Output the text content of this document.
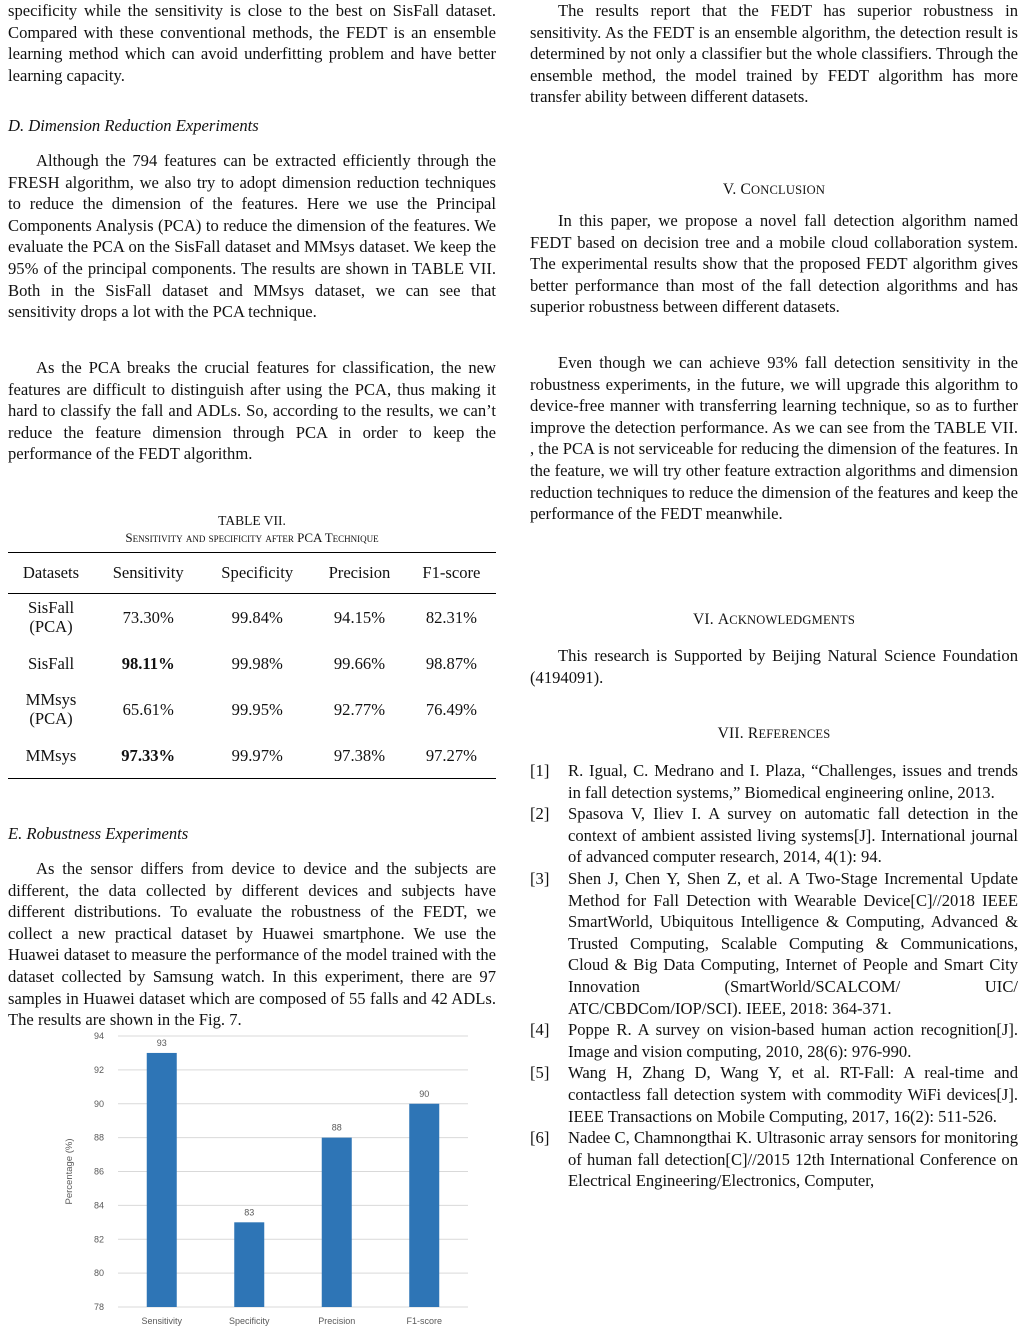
specificity while the sensitivity is close to the best on SisFall dataset. Compared with these conventional methods, the FEDT is an ensemble learning method which can avoid underfitting problem and have better learning capacity.

D. Dimension Reduction Experiments

Although the 794 features can be extracted efficiently through the FRESH algorithm, we also try to adopt dimension reduction techniques to reduce the dimension of the features. Here we use the Principal Components Analysis (PCA) to reduce the dimension of the features. We evaluate the PCA on the SisFall dataset and MMsys dataset. We keep the 95% of the principal components. The results are shown in TABLE VII. Both in the SisFall dataset and MMsys dataset, we can see that sensitivity drops a lot with the PCA technique.

As the PCA breaks the crucial features for classification, the new features are difficult to distinguish after using the PCA, thus making it hard to classify the fall and ADLs. So, according to the results, we can’t reduce the feature dimension through PCA in order to keep the performance of the FEDT algorithm.

TABLE VII.

Sensitivity and specificity after PCA Technique

Datasets	Sensitivity	Specificity	Precision	F1-score
SisFall (PCA)	73.30%	99.84%	94.15%	82.31%
SisFall	98.11%	99.98%	99.66%	98.87%
MMsys (PCA)	65.61%	99.95%	92.77%	76.49%
MMsys	97.33%	99.97%	97.38%	97.27%

E. Robustness Experiments

As the sensor differs from device to device and the subjects are different, the data collected by different devices and subjects have different distributions. To evaluate the robustness of the FEDT, we collect a new practical dataset by Huawei smartphone. We use the Huawei dataset to measure the performance of the model trained with the dataset collected by Samsung watch. In this experiment, there are 97 samples in Huawei dataset which are composed of 55 falls and 42 ADLs. The results are shown in the Fig. 7.

78
80
82
84
86
88
90
92
94
Percentage (%)
93
Sensitivity
83
Specificity
88
Precision
90
F1-score

The results report that the FEDT has superior robustness in sensitivity. As the FEDT is an ensemble algorithm, the detection result is determined by not only a classifier but the whole classifiers. Through the ensemble method, the model trained by FEDT algorithm has more transfer ability between different datasets.

V. CONCLUSION

In this paper, we propose a novel fall detection algorithm named FEDT based on decision tree and a mobile cloud collaboration system. The experimental results show that the proposed FEDT algorithm gives better performance than most of the fall detection algorithms and has superior robustness between different datasets.

Even though we can achieve 93% fall detection sensitivity in the robustness experiments, in the future, we will upgrade this algorithm to device-free manner with transferring learning technique, so as to further improve the detection performance. As we can see from the TABLE VII. , the PCA is not serviceable for reducing the dimension of the features. In the feature, we will try other feature extraction algorithms and dimension reduction techniques to reduce the dimension of the features and keep the performance of the FEDT meanwhile.

VI. ACKNOWLEDGMENTS

This research is Supported by Beijing Natural Science Foundation (4194091).

VII. REFERENCES

[1] R. Igual, C. Medrano and I. Plaza, “Challenges, issues and trends in fall detection systems,” Biomedical engineering online, 2013.
[2] Spasova V, Iliev I. A survey on automatic fall detection in the context of ambient assisted living systems[J]. International journal of advanced computer research, 2014, 4(1): 94.
[3] Shen J, Chen Y, Shen Z, et al. A Two-Stage Incremental Update Method for Fall Detection with Wearable Device[C]//2018 IEEE SmartWorld, Ubiquitous Intelligence & Computing, Advanced & Trusted Computing, Scalable Computing & Communications, Cloud & Big Data Computing, Internet of People and Smart City Innovation (SmartWorld/SCALCOM/ UIC/ ATC/CBDCom/IOP/SCI). IEEE, 2018: 364-371.
[4] Poppe R. A survey on vision-based human action recognition[J]. Image and vision computing, 2010, 28(6): 976-990.
[5] Wang H, Zhang D, Wang Y, et al. RT-Fall: A real-time and contactless fall detection system with commodity WiFi devices[J]. IEEE Transactions on Mobile Computing, 2017, 16(2): 511-526.
[6] Nadee C, Chamnongthai K. Ultrasonic array sensors for monitoring of human fall detection[C]//2015 12th International Conference on Electrical Engineering/Electronics, Computer,
